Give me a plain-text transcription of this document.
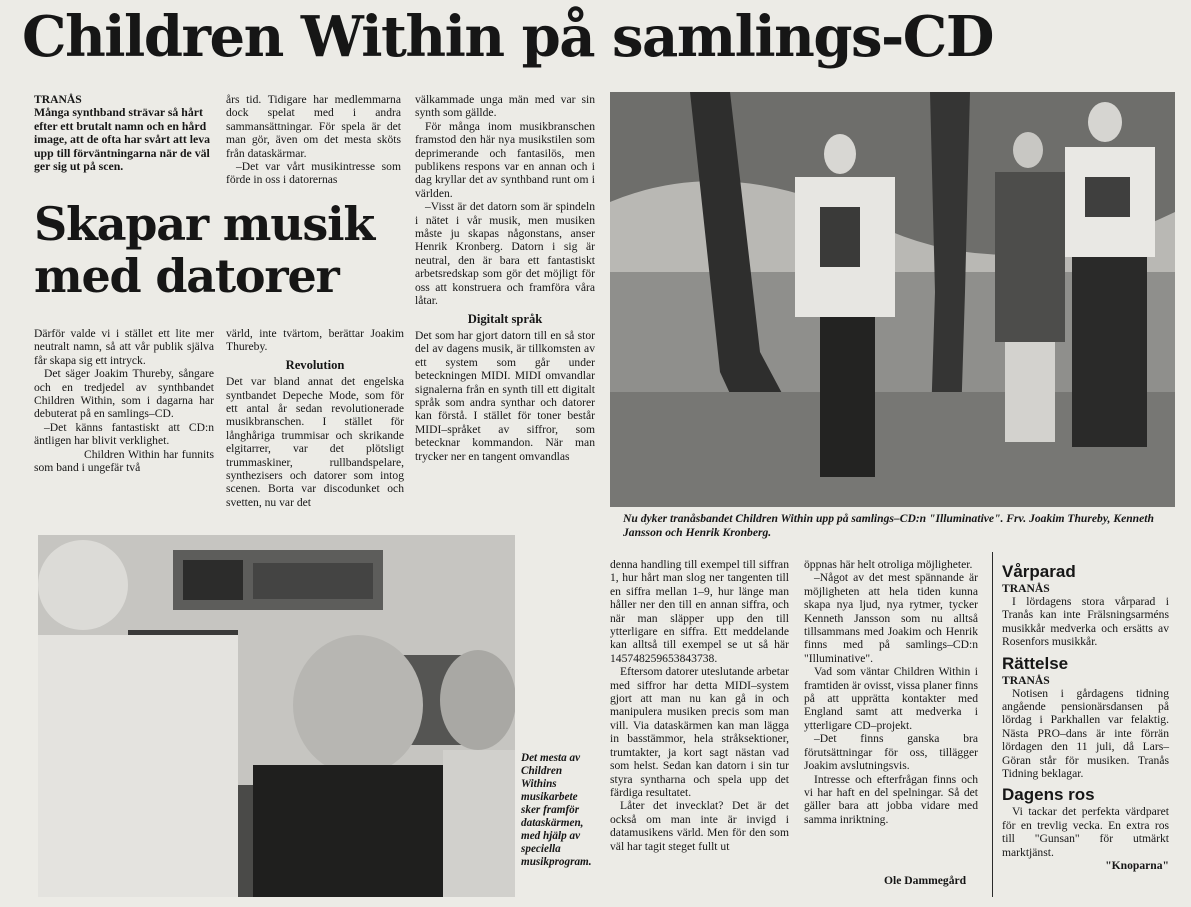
Children Within på samlings-CD
TRANÅS
Många synthband strävar så hårt efter ett brutalt namn och en hård image, att de ofta har svårt att leva upp till förväntningarna när de väl ger sig ut på scen.
Skapar musik med datorer

Därför valde vi i stället ett lite mer neutralt namn, så att vår publik själva får skapa sig ett intryck.

Det säger Joakim Thureby, sångare och en tredjedel av synthbandet Children Within, som i dagarna har debuterat på en samlings–CD.

–Det känns fantastiskt att CD:n äntligen har blivit verklighet.

Children Within har funnits som band i ungefär två

års tid. Tidigare har medlemmarna dock spelat med i andra sammansättningar. För spela är det man gör, även om det mesta sköts från dataskärmar.

–Det var vårt musikintresse som förde in oss i datorernas

värld, inte tvärtom, berättar Joakim Thureby.

Revolution

Det var bland annat det engelska syntbandet Depeche Mode, som för ett antal år sedan revolutionerade musikbranschen. I stället för långhåriga trummisar och skrikande elgitarrer, var det plötsligt trummaskiner, rullbandspelare, synthezisers och datorer som intog scenen. Borta var discodunket och svetten, nu var det

välkammade unga män med var sin synth som gällde.

För många inom musikbranschen framstod den här nya musikstilen som deprimerande och fantasilös, men publikens respons var en annan och i dag kryllar det av synthband runt om i världen.

–Visst är det datorn som är spindeln i nätet i vår musik, men musiken måste ju skapas någonstans, anser Henrik Kronberg. Datorn i sig är neutral, den är bara ett fantastiskt arbetsredskap som gör det möjligt för oss att konstruera och framföra våra låtar.

Digitalt språk

Det som har gjort datorn till en så stor del av dagens musik, är tillkomsten av ett system som går under beteckningen MIDI. MIDI omvandlar signalerna från en synth till ett digitalt språk som andra synthar och datorer kan förstå. I stället för toner består MIDI–språket av siffror, som betecknar kommandon. När man trycker ner en tangent omvandlas

Nu dyker tranåsbandet Children Within upp på samlings–CD:n "Illuminative". Frv. Joakim Thureby, Kenneth Jansson och Henrik Kronberg.
Det mesta av Children Withins musikarbete sker framför dataskärmen, med hjälp av speciella musikprogram.

denna handling till exempel till siffran 1, hur hårt man slog ner tangenten till en siffra mellan 1–9, hur länge man håller ner den till en annan siffra, och när man släpper upp den till ytterligare en siffra. Ett meddelande kan alltså till exempel se ut så här 145748259653843738.

Eftersom datorer uteslutande arbetar med siffror har detta MIDI–system gjort att man nu kan gå in och manipulera musiken precis som man vill. Via dataskärmen kan man lägga in basstämmor, hela stråksektioner, trumtakter, ja kort sagt nästan vad som helst. Sedan kan datorn i sin tur styra syntharna och spela upp det färdiga resultatet.

Låter det invecklat? Det är det också om man inte är invigd i datamusikens värld. Men för den som väl har tagit steget fullt ut

öppnas här helt otroliga möjligheter.

–Något av det mest spännande är möjligheten att hela tiden kunna skapa nya ljud, nya rytmer, tycker Kenneth Jansson som nu alltså tillsammans med Joakim och Henrik finns med på samlings–CD:n "Illuminative".

Vad som väntar Children Within i framtiden är ovisst, vissa planer finns på att upprätta kontakter med England samt att medverka i ytterligare CD–projekt.

–Det finns ganska bra förutsättningar för oss, tillägger Joakim avslutningsvis.

Intresse och efterfrågan finns och vi har haft en del spelningar. Så det gäller bara att jobba vidare med samma inriktning.

Ole Dammegård
Vårparad
TRANÅS

I lördagens stora vårparad i Tranås kan inte Frälsningsarméns musikkår medverka och ersätts av Rosenfors musikkår.

Rättelse
TRANÅS

Notisen i gårdagens tidning angående pensionärsdansen på lördag i Parkhallen var felaktig. Nästa PRO–dans är inte förrän lördagen den 11 juli, då Lars–Göran står för musiken. Tranås Tidning beklagar.

Dagens ros

Vi tackar det perfekta värdparet för en trevlig vecka. En extra ros till "Gunsan" för utmärkt marktjänst.

"Knoparna"
